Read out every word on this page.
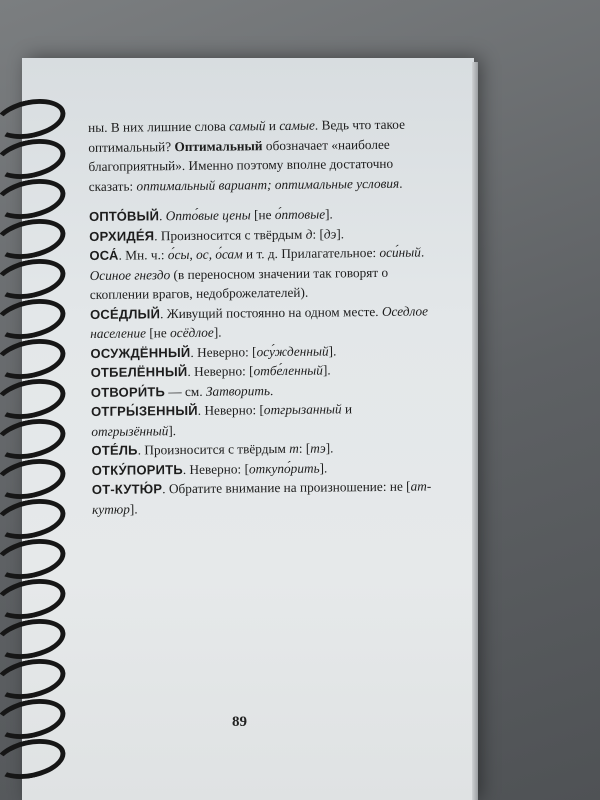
ны. В них лишние слова самый и самые. Ведь что такое оптимальный? Оптимальный обозначает «наиболее благоприятный». Именно поэтому вполне достаточно сказать: оптимальный вариант; оптимальные условия.

ОПТО́ВЫЙ. Опто́вые цены [не о́птовые].

ОРХИДЕ́Я. Произносится с твёрдым д: [дэ].

ОСА́. Мн. ч.: о́сы, ос, о́сам и т. д. Прилагательное: оси́ный. Осиное гнездо (в переносном значении так говорят о скоплении врагов, недоброжелателей).

ОСЕ́ДЛЫЙ. Живущий постоянно на одном месте. Оседлое население [не осёдлое].

ОСУЖДЁННЫЙ. Неверно: [осу́жденный].

ОТБЕЛЁННЫЙ. Неверно: [отбе́ленный].

ОТВОРИ́ТЬ — см. Затворить.

ОТГРЫ́ЗЕННЫЙ. Неверно: [отгрызанный и отгрызённый].

ОТЕ́ЛЬ. Произносится с твёрдым т: [тэ].

ОТКУ́ПОРИТЬ. Неверно: [откупо́рить].

ОТ-КУТЮ́Р. Обратите внимание на произношение: не [ат-кутюр].

89
